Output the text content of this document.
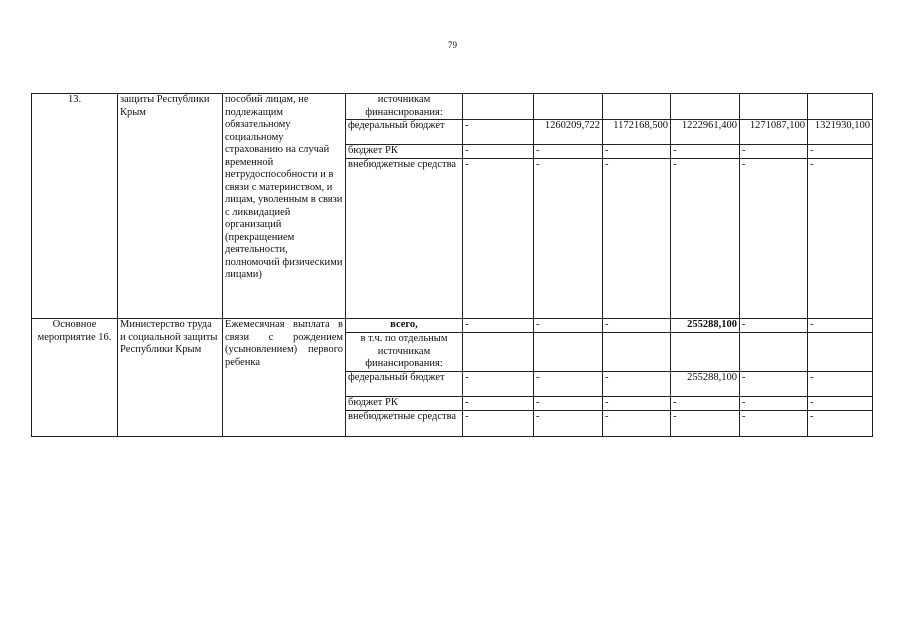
79
13.	защиты Республики Крым	пособий лицам, не подлежащим обязательному социальному страхованию на случай временной нетрудоспособности и в связи с материнством, и лицам, уволенным в связи с ликвидацией организаций (прекращением деятельности, полномочий физическими лицами)	источникам финансирования:						
			федеральный бюджет	-	1260209,722	1172168,500	1222961,400	1271087,100	1321930,100
			бюджет РК	-	-	-	-	-	-
			внебюджетные средства	-	-	-	-	-	-
Основное мероприятие 16.	Министерство труда и социальной защиты Республики Крым	Ежемесячная выплата в связи с рождением (усыновлением) первого ребенка	всего,	-	-	-	255288,100	-	-
			в т.ч. по отдельным источникам финансирования:						
			федеральный бюджет	-	-	-	255288,100	-	-
			бюджет РК	-	-	-	-	-	-
			внебюджетные средства	-	-	-	-	-	-
